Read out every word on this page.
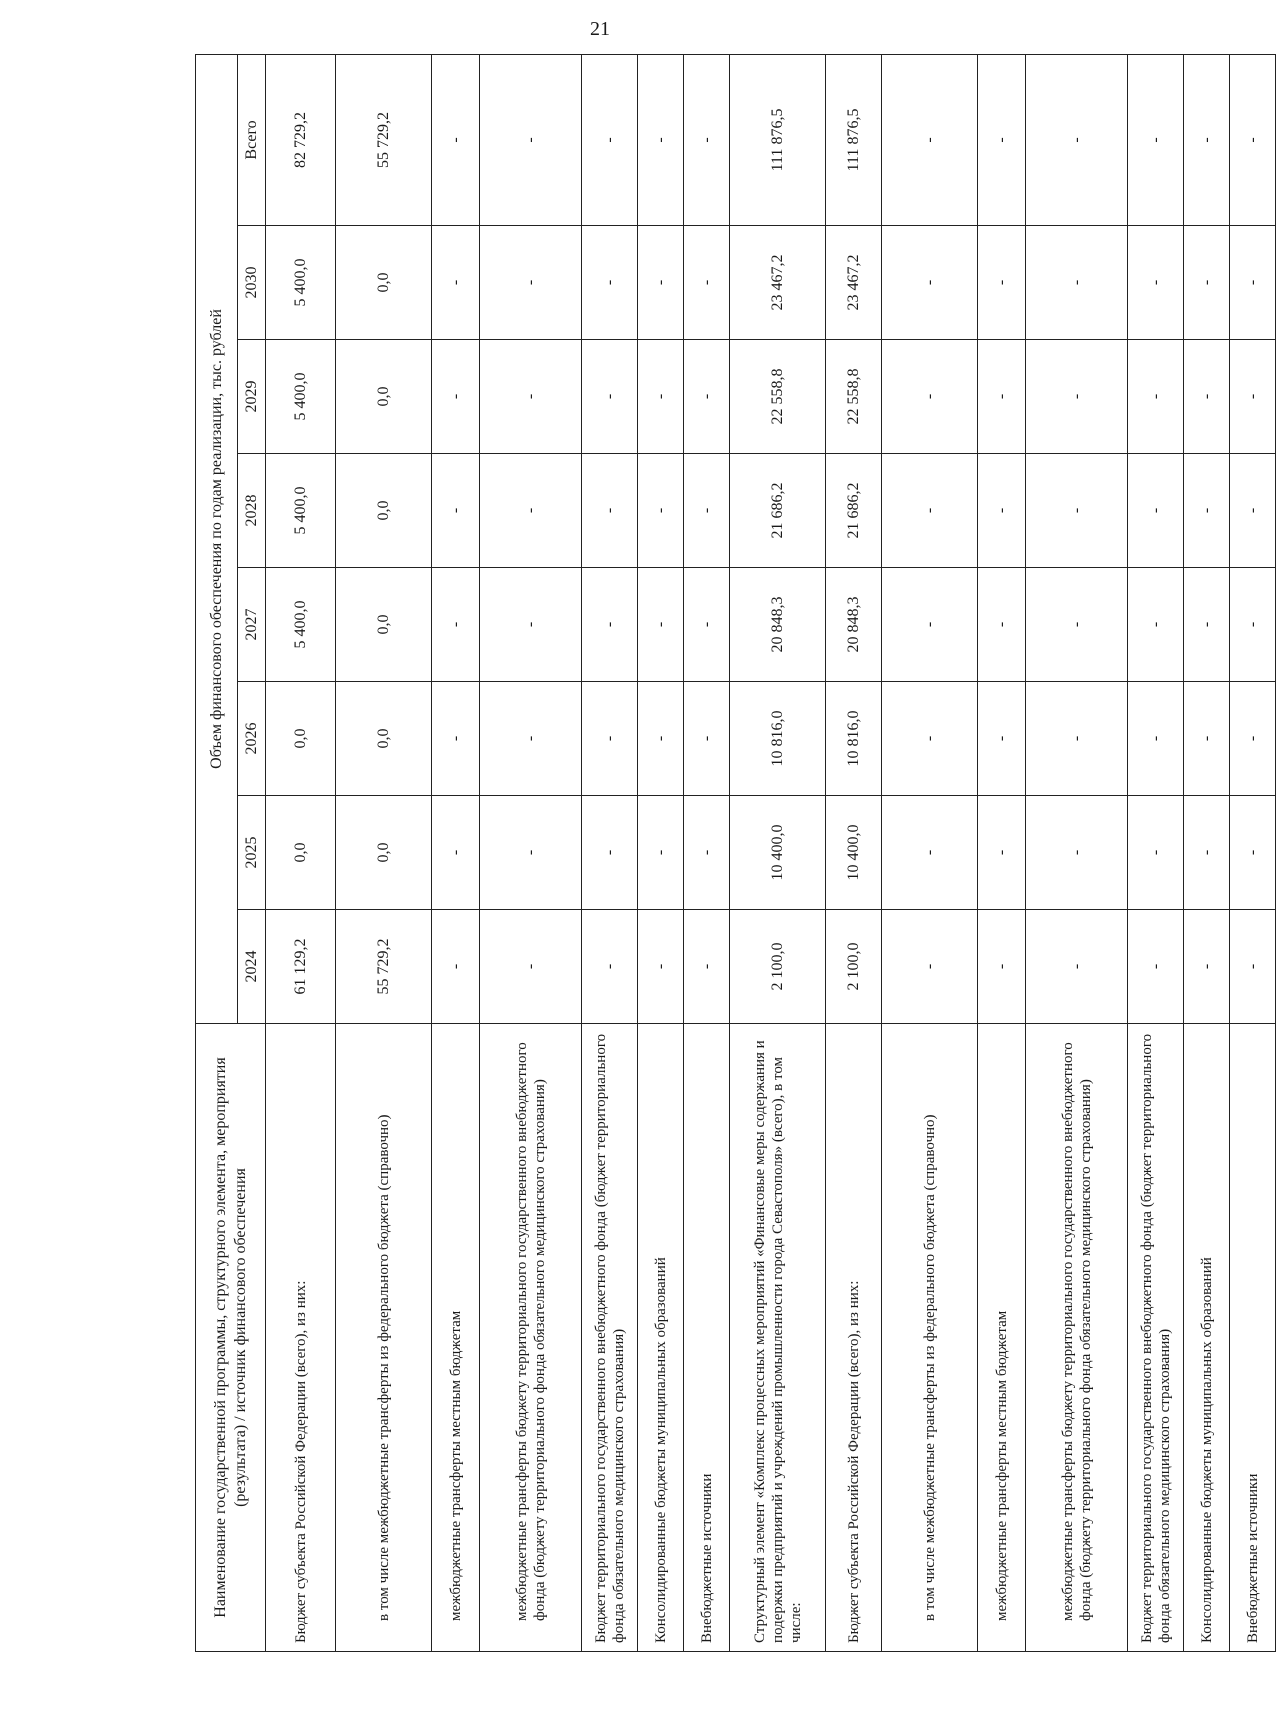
21
Наименование государственной программы, структурного элемента, мероприятия (результата) / источник финансового обеспечения	Объем финансового обеспечения по годам реализации, тыс. рублей							
	2024	2025	2026	2027	2028	2029	2030	Всего
Бюджет субъекта Российской Федерации (всего), из них:	61 129,2	0,0	0,0	5 400,0	5 400,0	5 400,0	5 400,0	82 729,2
в том числе межбюджетные трансферты из федерального бюджета (справочно)	55 729,2	0,0	0,0	0,0	0,0	0,0	0,0	55 729,2
межбюджетные трансферты местным бюджетам	-	-	-	-	-	-	-	-
межбюджетные трансферты бюджету территориального государственного внебюджетного фонда (бюджету территориального фонда обязательного медицинского страхования)	-	-	-	-	-	-	-	-
Бюджет территориального государственного внебюджетного фонда (бюджет территориального фонда обязательного медицинского страхования)	-	-	-	-	-	-	-	-
Консолидированные бюджеты муниципальных образований	-	-	-	-	-	-	-	-
Внебюджетные источники	-	-	-	-	-	-	-	-
Структурный элемент «Комплекс процессных мероприятий «Финансовые меры содержания и подержки предприятий и учреждений промышленности города Севастополя» (всего), в том числе:	2 100,0	10 400,0	10 816,0	20 848,3	21 686,2	22 558,8	23 467,2	111 876,5
Бюджет субъекта Российской Федерации (всего), из них:	2 100,0	10 400,0	10 816,0	20 848,3	21 686,2	22 558,8	23 467,2	111 876,5
в том числе межбюджетные трансферты из федерального бюджета (справочно)	-	-	-	-	-	-	-	-
межбюджетные трансферты местным бюджетам	-	-	-	-	-	-	-	-
межбюджетные трансферты бюджету территориального государственного внебюджетного фонда (бюджету территориального фонда обязательного медицинского страхования)	-	-	-	-	-	-	-	-
Бюджет территориального государственного внебюджетного фонда (бюджет территориального фонда обязательного медицинского страхования)	-	-	-	-	-	-	-	-
Консолидированные бюджеты муниципальных образований	-	-	-	-	-	-	-	-
Внебюджетные источники	-	-	-	-	-	-	-	-
